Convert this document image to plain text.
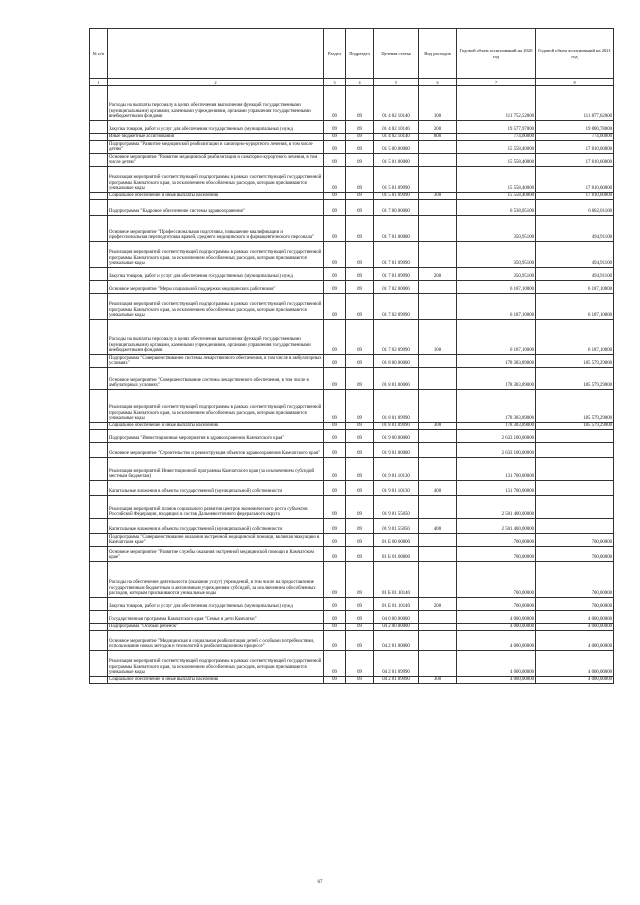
№ п/п		Раздел	Подраздел	Целевая статья	Вид расходов	Годовой объем ассигнований на 2020 год	Годовой объем ассигнований на 2021 год
1	2	3	4	5	6	7	8
	Расходы на выплаты персоналу в целях обеспечения выполнения функций государственными (муниципальными) органами, казенными учреждениями, органами управления государственными внебюджетными фондами	09	09	01 4 02 10140	100	111 752,52000	111 877,62000
	Закупка товаров, работ и услуг для обеспечения государственных (муниципальных) нужд	09	09	01 4 02 10140	200	19 577,97000	19 800,78000
	Иные бюджетные ассигнования	09	09	01 4 02 10140	800	774,00000	774,00000
	Подпрограмма "Развитие медицинской реабилитации и санаторно-курортного лечения, в том числе детям"	09	09	01 5 00 00000		15 558,40000	17 810,60000
	Основное мероприятие "Развитие медицинской реабилитации и санаторно-курортного лечения, в том числе детям"	09	09	01 5 01 00000		15 558,40000	17 810,60000
	Реализация мероприятий соответствующей подпрограммы в рамках соответствующей государственной программы Камчатского края, за исключением обособленных расходов, которым присваиваются уникальные коды	09	09	01 5 01 09990		15 558,40000	17 810,60000
	Социальное обеспечение и иные выплаты населению	09	09	01 5 01 09990	300	15 558,40000	17 810,60000
	Подпрограмма "Кадровое обеспечение системы здравоохранения"	09	09	01 7 00 00000		6 538,05100	6 682,01100
	Основное мероприятие "Профессиональная подготовка, повышение квалификации и профессиональная переподготовка врачей, среднего медицинского и фармацевтического персонала"	09	09	01 7 01 00000		350,95100	494,91100
	Реализация мероприятий соответствующей подпрограммы в рамках соответствующей государственной программы Камчатского края, за исключением обособленных расходов, которым присваиваются уникальные коды	09	09	01 7 01 09990		350,95100	494,91100
	Закупка товаров, работ и услуг для обеспечения государственных (муниципальных) нужд	09	09	01 7 01 09990	200	350,95100	494,91100
	Основное мероприятие "Меры социальной поддержки медицинских работников"	09	09	01 7 02 00000		6 187,10000	6 187,10000
	Реализация мероприятий соответствующей подпрограммы в рамках соответствующей государственной программы Камчатского края, за исключением обособленных расходов, которым присваиваются уникальные коды	09	09	01 7 02 09990		6 187,10000	6 187,10000
	Расходы на выплаты персоналу в целях обеспечения выполнения функций государственными (муниципальными) органами, казенными учреждениями, органами управления государственными внебюджетными фондами	09	09	01 7 02 09990	100	6 187,10000	6 187,10000
	Подпрограмма "Совершенствование системы лекарственного обеспечения, в том числе в амбулаторных условиях"	09	09	01 8 00 00000		178 383,89000	185 579,29000
	Основное мероприятие "Совершенствование системы лекарственного обеспечения, в том числе в амбулаторных условиях"	09	09	01 8 01 00000		178 383,89000	185 579,29000
	Реализация мероприятий соответствующей подпрограммы в рамках соответствующей государственной программы Камчатского края, за исключением обособленных расходов, которым присваиваются уникальные коды	09	09	01 8 01 09990		178 383,89000	185 579,29000
	Социальное обеспечение и иные выплаты населению	09	09	01 8 01 09990	300	178 383,89000	185 579,29000
	Подпрограмма "Инвестиционные мероприятия в здравоохранении Камчатского края"	09	09	01 9 00 00000		2 633 100,00000	
	Основное мероприятие "Строительство и реконструкция объектов здравоохранения Камчатского края"	09	09	01 9 01 00000		2 633 100,00000	
	Реализация мероприятий Инвестиционной программы Камчатского края (за исключением субсидий местным бюджетам)	09	09	01 9 01 10130		131 700,00000	
	Капитальные вложения в объекты государственной (муниципальной) собственности	09	09	01 9 01 10130	400	131 700,00000	
	Реализация мероприятий планов социального развития центров экономического роста субъектов Российской Федерации, входящих в состав Дальневосточного федерального округа	09	09	01 9 01 55050		2 501 400,00000	
	Капитальные вложения в объекты государственной (муниципальной) собственности	09	09	01 9 01 55050	400	2 501 400,00000	
	Подпрограмма "Совершенствование оказания экстренной медицинской помощи, включая эвакуацию в Камчатском крае"	09	09	01 Б 00 00000		700,00000	700,00000
	Основное мероприятие "Развитие службы оказания экстренной медицинской помощи в Камчатском крае"	09	09	01 Б 01 00000		700,00000	700,00000
	Расходы на обеспечение деятельности (оказание услуг) учреждений, в том числе на предоставление государственным бюджетным и автономным учреждениям субсидий, за исключением обособленных расходов, которым присваиваются уникальные коды	09	09	01 Б 01 10140		700,00000	700,00000
	Закупка товаров, работ и услуг для обеспечения государственных (муниципальных) нужд	09	09	01 Б 01 10140	200	700,00000	700,00000
	Государственная программа Камчатского края "Семья и дети Камчатки"	09	09	04 0 00 00000		4 000,00000	4 000,00000
	Подпрограмма "Особый ребенок"	09	09	04 2 00 00000		4 000,00000	4 000,00000
	Основное мероприятие "Медицинская и социальная реабилитация детей с особыми потребностями, использование новых методов и технологий в реабилитационном процессе"	09	09	04 2 01 00000		4 000,00000	4 000,00000
	Реализация мероприятий соответствующей подпрограммы в рамках соответствующей государственной программы Камчатского края, за исключением обособленных расходов, которым присваиваются уникальные коды	09	09	04 2 01 09990		4 000,00000	4 000,00000
	Социальное обеспечение и иные выплаты населению	09	09	04 2 01 09990	300	4 000,00000	4 000,00000
67
